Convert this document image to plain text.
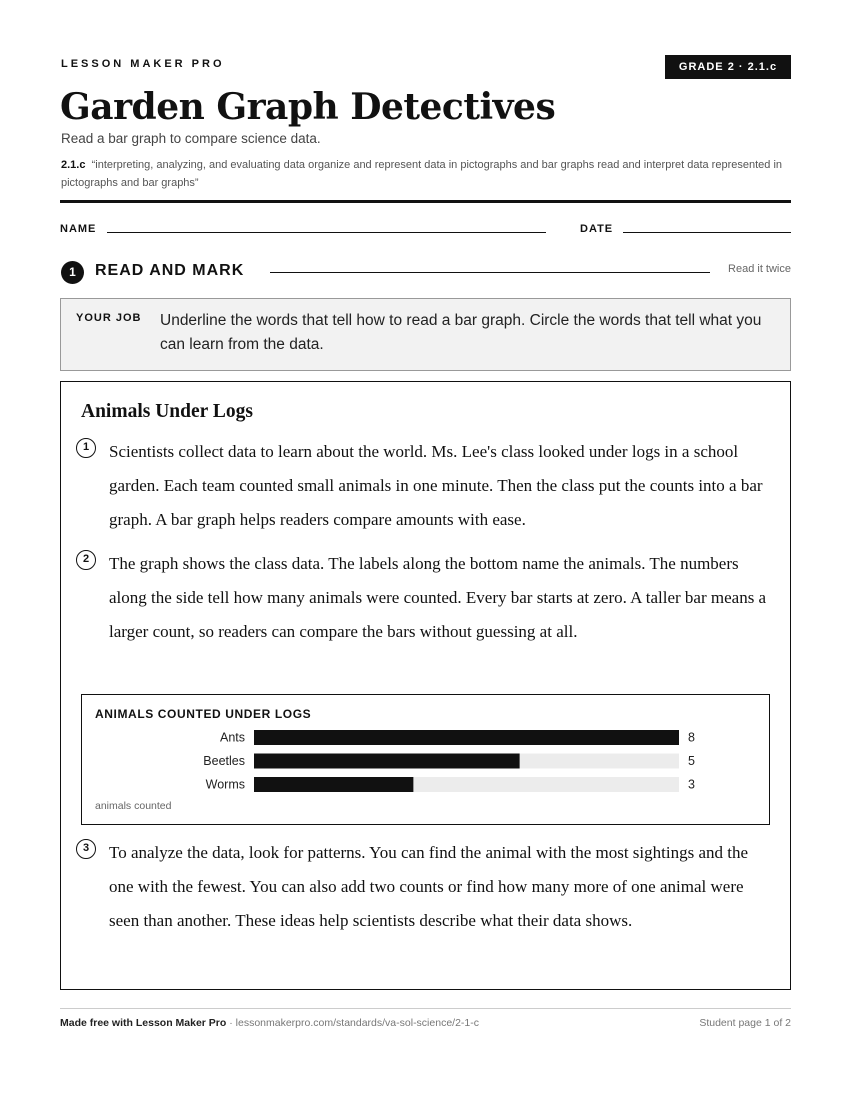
LESSON MAKER PRO	GRADE 2 · 2.1.c
Garden Graph Detectives
Read a bar graph to compare science data.
2.1.c “interpreting, analyzing, and evaluating data organize and represent data in pictographs and bar graphs read and interpret data represented in pictographs and bar graphs”
NAME	DATE
1	READ AND MARK	Read it twice
YOUR JOB Underline the words that tell how to read a bar graph. Circle the words that tell what you can learn from the data.
Animals Under Logs
1	Scientists collect data to learn about the world. Ms. Lee's class looked under logs in a school garden. Each team counted small animals in one minute. Then the class put the counts into a bar graph. A bar graph helps readers compare amounts with ease.
2	The graph shows the class data. The labels along the bottom name the animals. The numbers along the side tell how many animals were counted. Every bar starts at zero. A taller bar means a larger count, so readers can compare the bars without guessing at all.
ANIMALS COUNTED UNDER LOGS
Ants	8
Beetles	5
Worms	3
animals counted
3	To analyze the data, look for patterns. You can find the animal with the most sightings and the one with the fewest. You can also add two counts or find how many more of one animal were seen than another. These ideas help scientists describe what their data shows.
Made free with Lesson Maker Pro · lessonmakerpro.com/standards/va-sol-science/2-1-c	Student page 1 of 2
